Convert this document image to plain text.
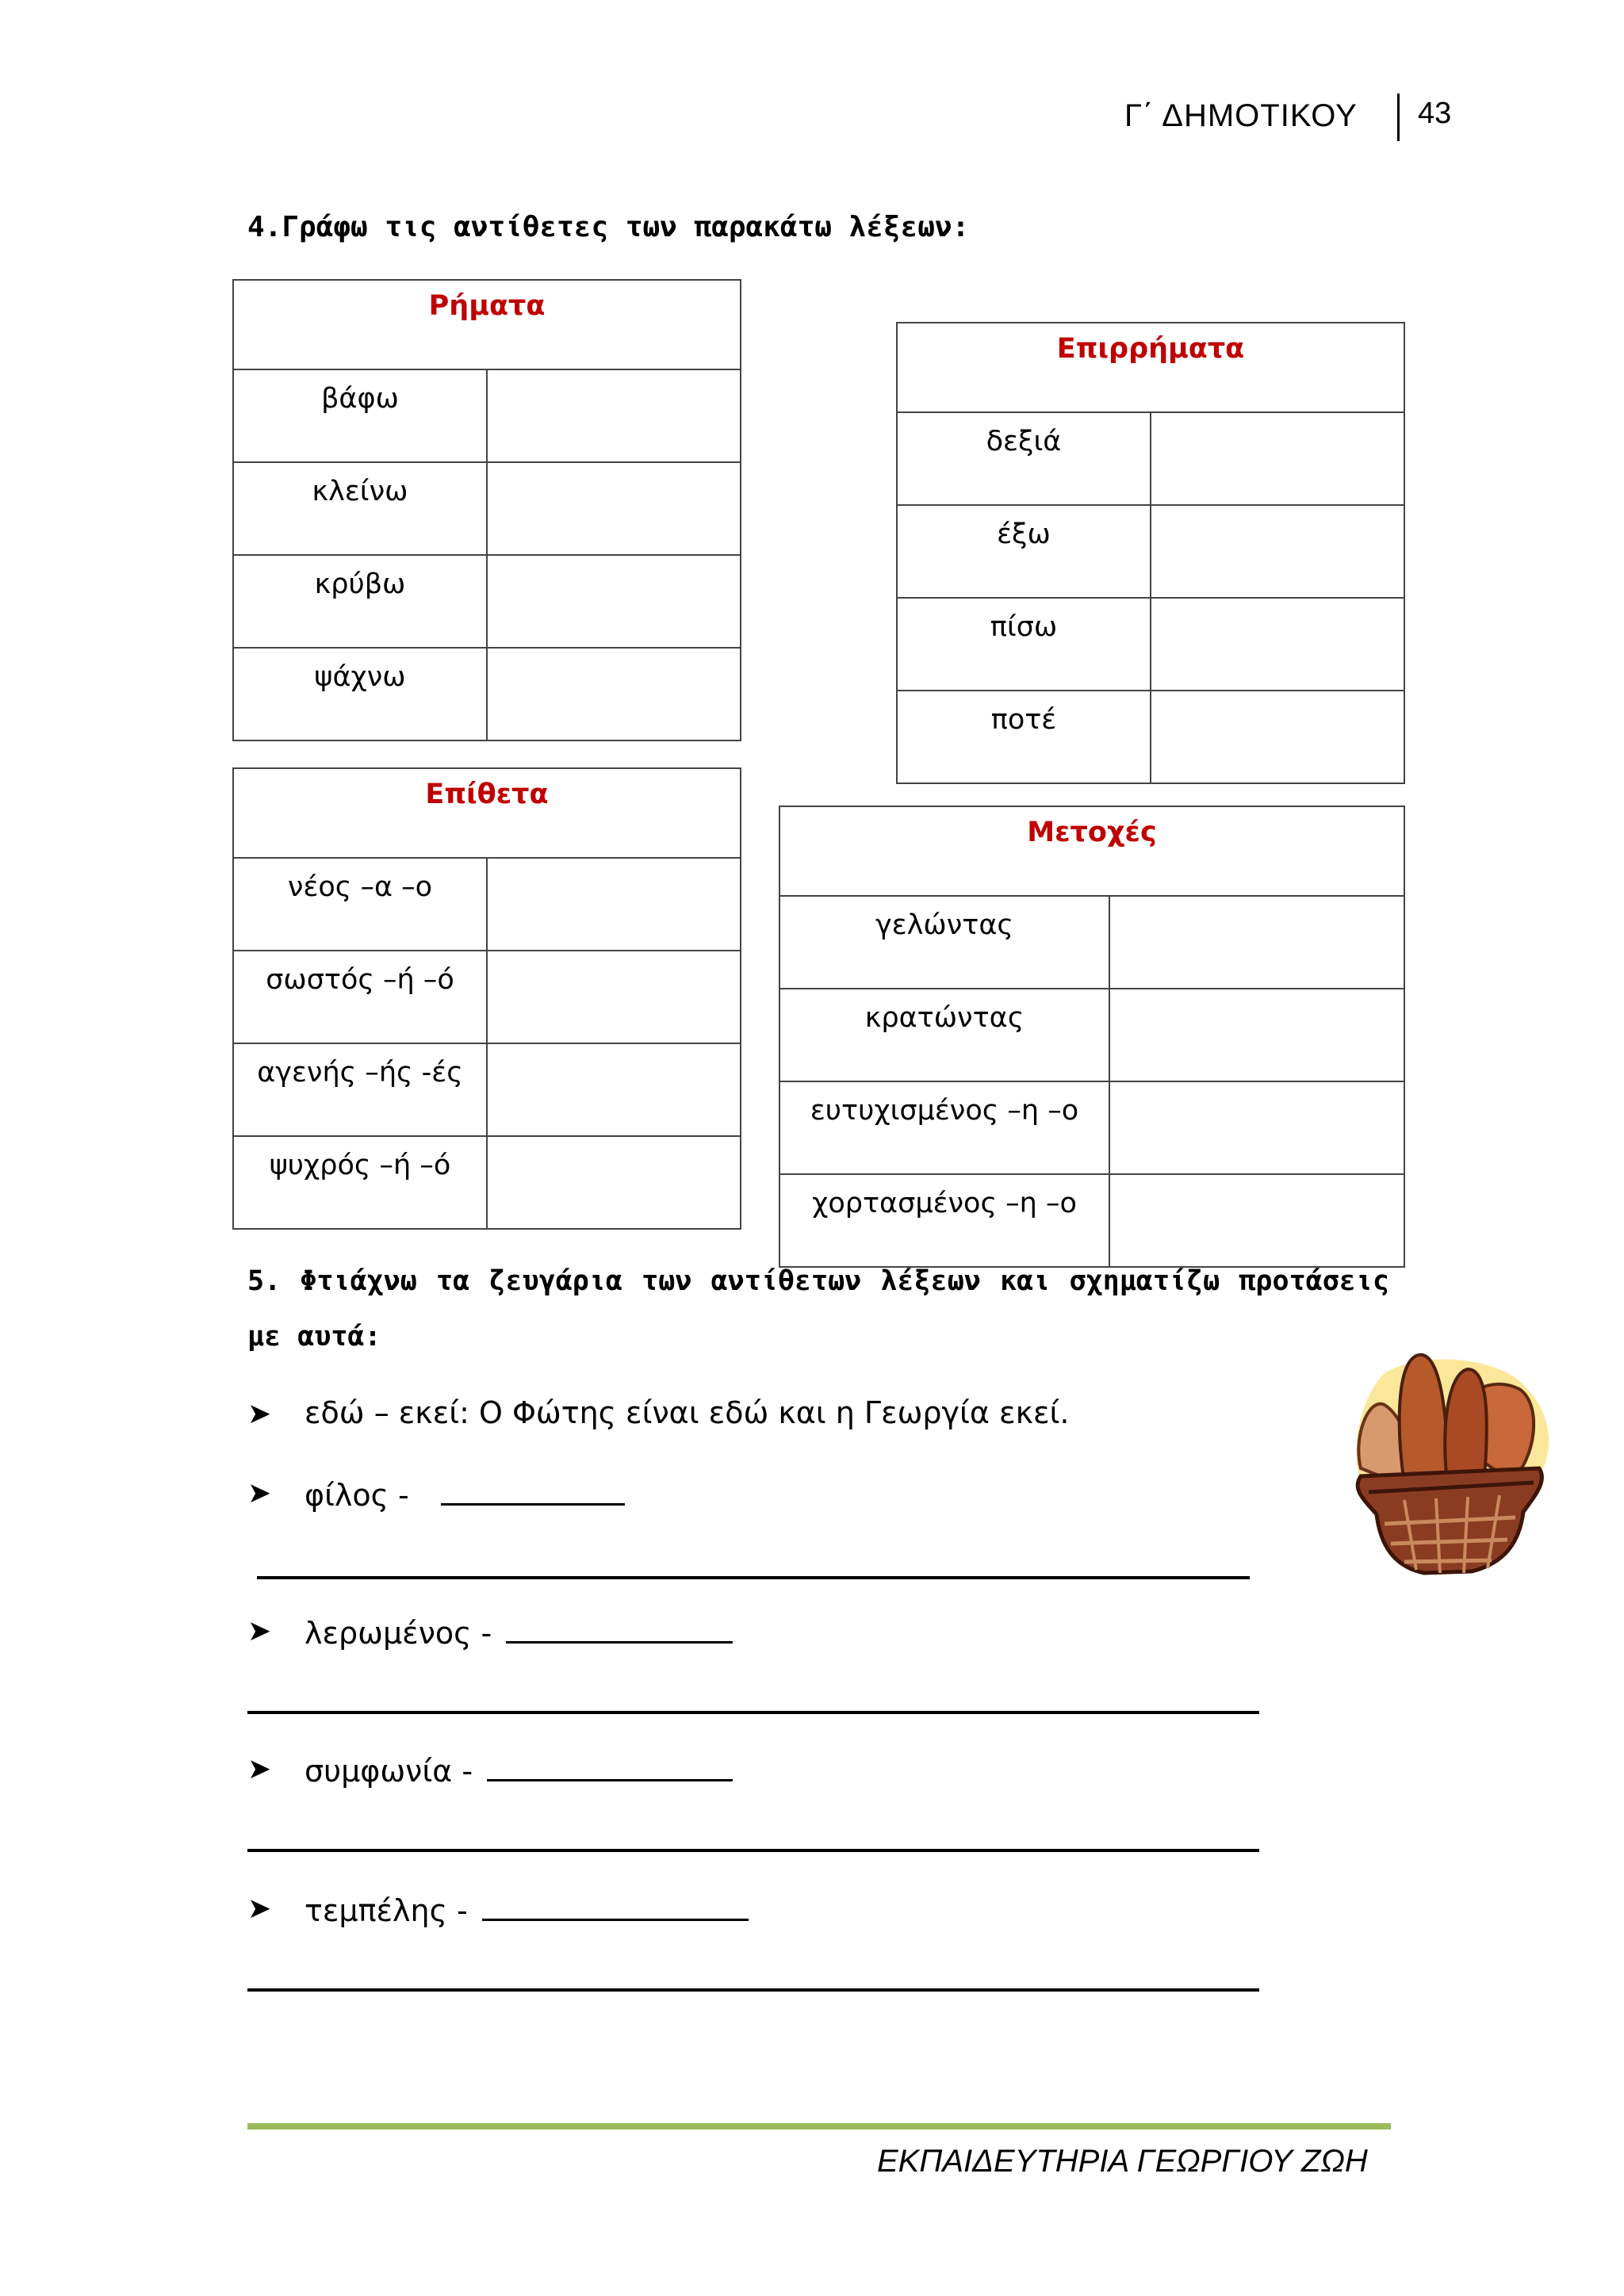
Γ΄ ΔΗΜΟΤΙΚΟΥ 43
4.Γράφω τις αντίθετες των παρακάτω λέξεων:
Ρήματα	
βάφω	
κλείνω	
κρύβω	
ψάχνω	
Επιρρήματα	
δεξιά	
έξω	
πίσω	
ποτέ	
Επίθετα	
νέος –α –ο	
σωστός –ή –ό	
αγενής –ής -ές	
ψυχρός –ή –ό	
Μετοχές	
γελώντας	
κρατώντας	
ευτυχισμένος –η –ο	
χορτασμένος –η –ο	
5. Φτιάχνω τα ζευγάρια των αντίθετων λέξεων και σχηματίζω προτάσεις
με αυτά:
➤ εδώ – εκεί: Ο Φώτης είναι εδώ και η Γεωργία εκεί.
➤ φίλος -
➤ λερωμένος -
➤ συμφωνία -
➤ τεμπέλης -
ΕΚΠΑΙΔΕΥΤΗΡΙΑ ΓΕΩΡΓΙΟΥ ΖΩΗ
